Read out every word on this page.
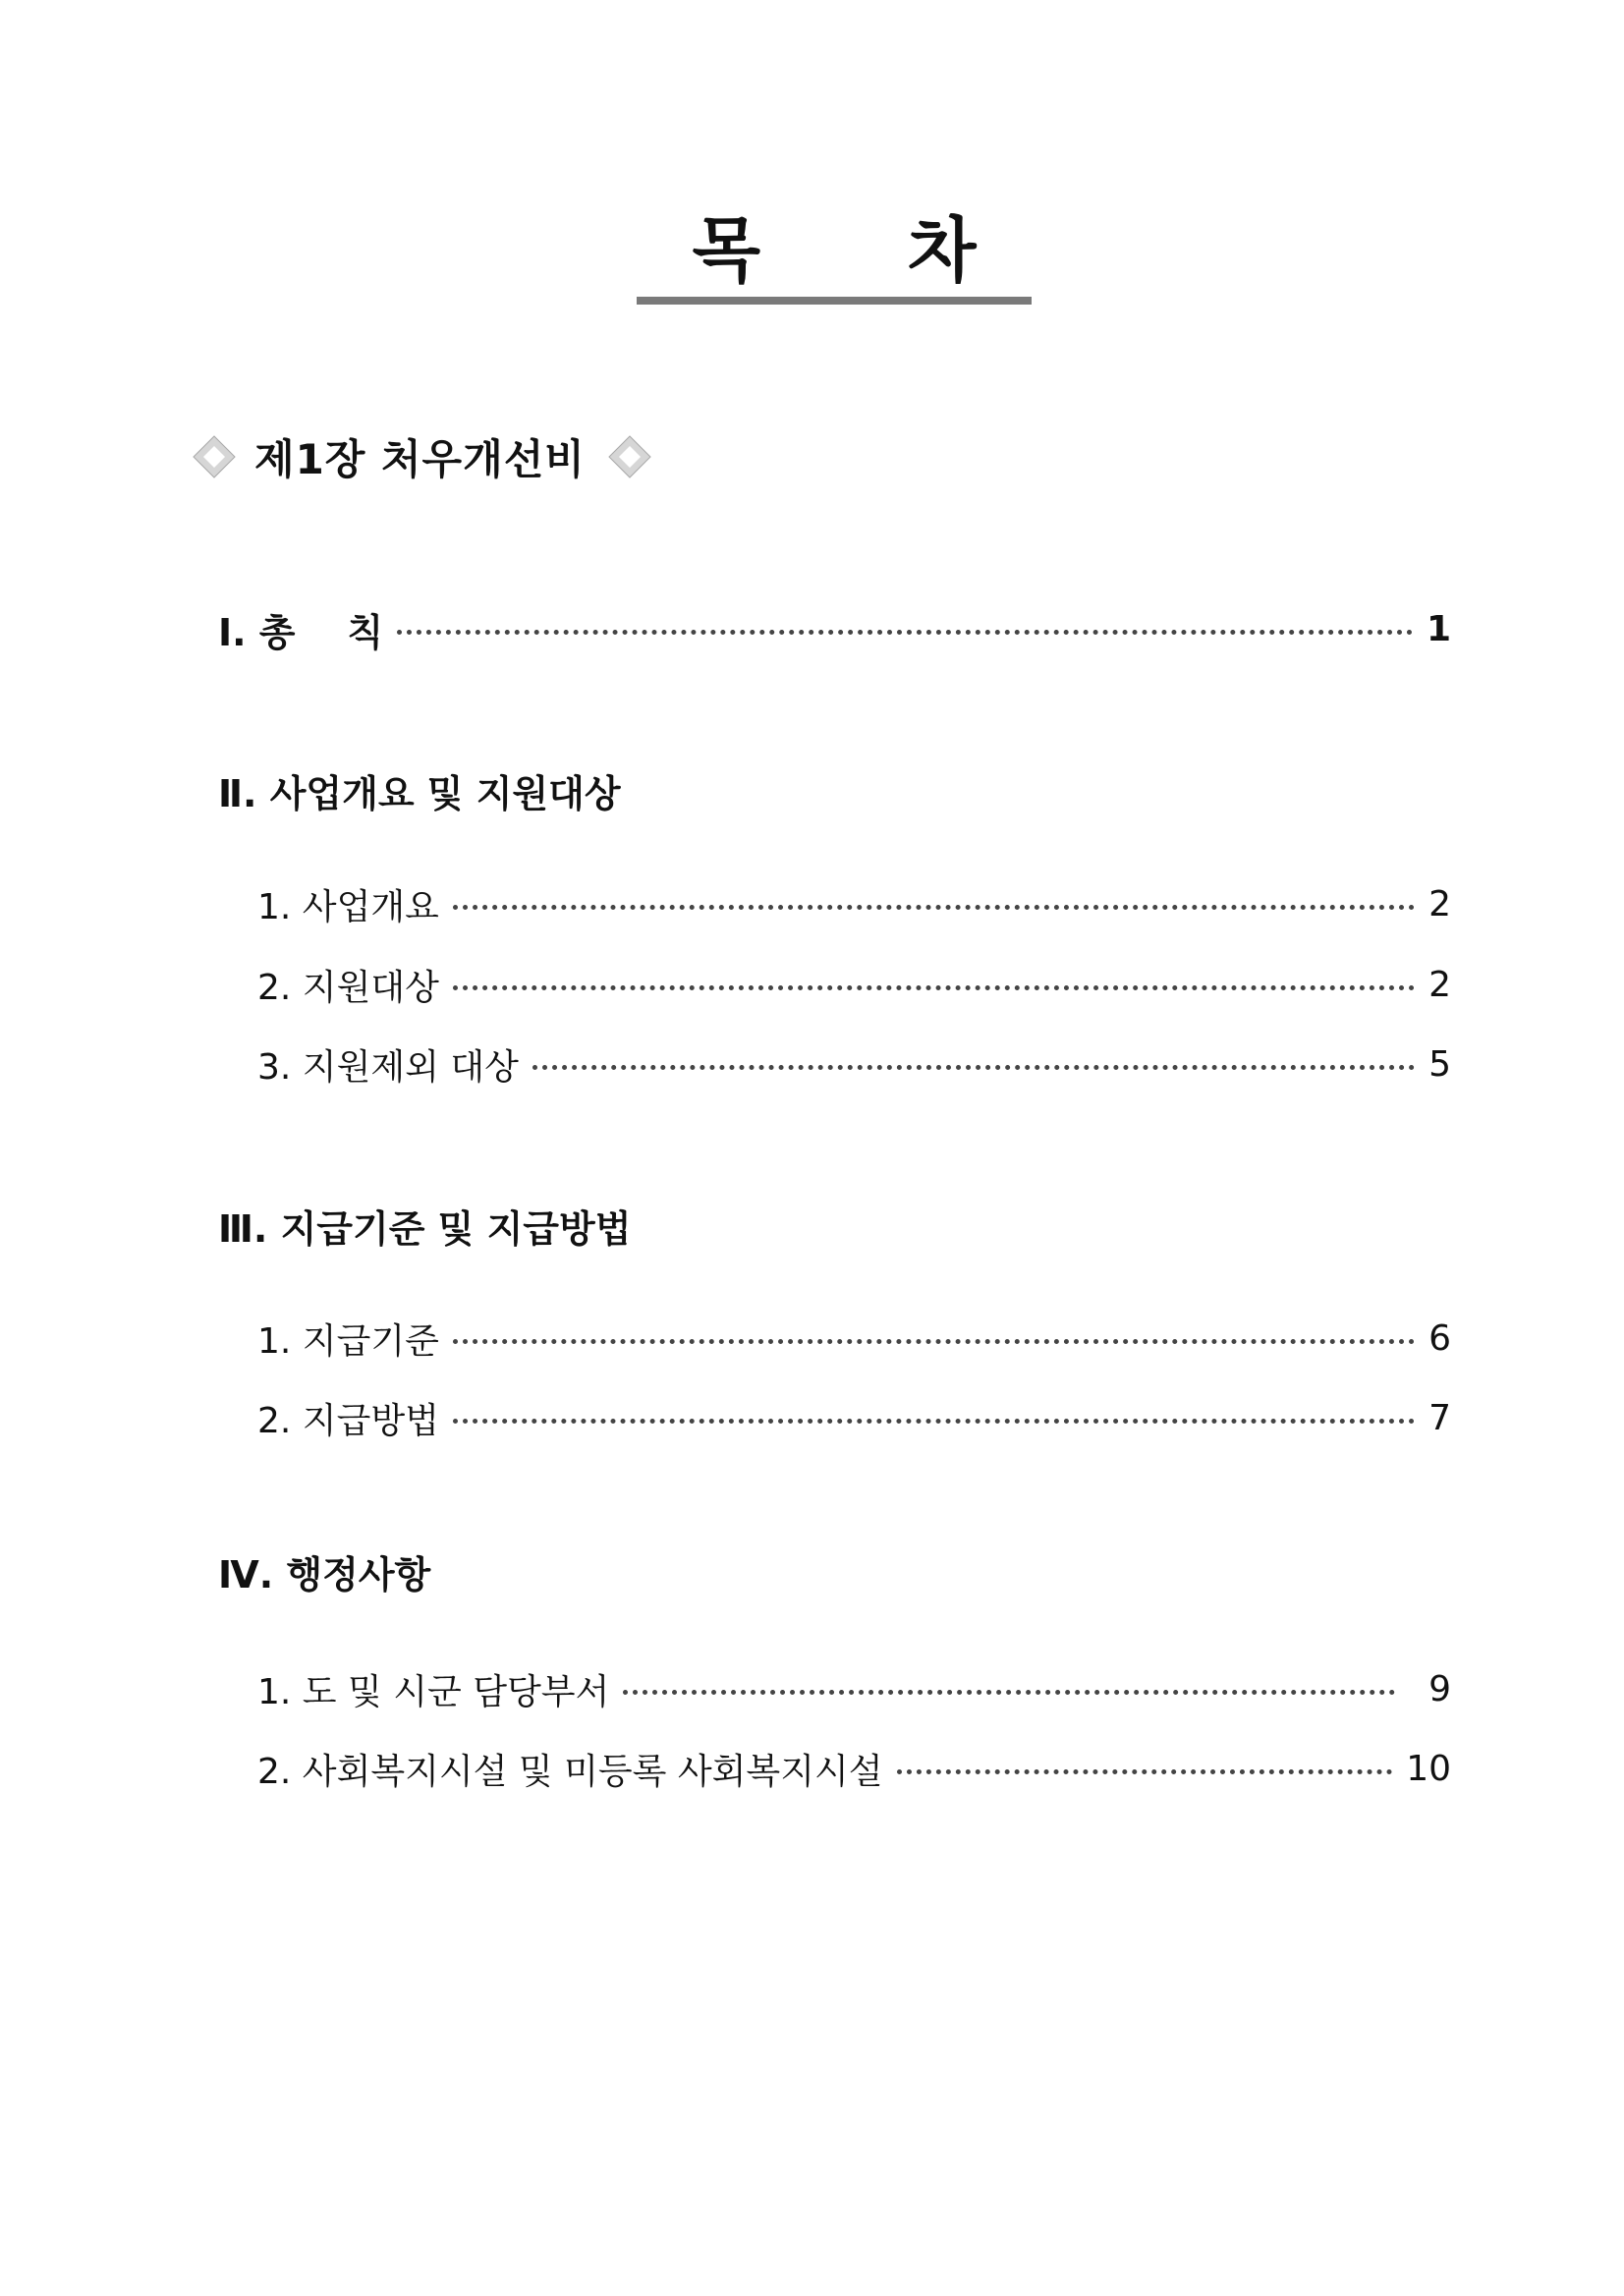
목 차
제1장 처우개선비
Ⅰ. 총    칙	1
Ⅱ. 사업개요 및 지원대상
1. 사업개요	2
2. 지원대상	2
3. 지원제외 대상	5
Ⅲ. 지급기준 및 지급방법
1. 지급기준	6
2. 지급방법	7
Ⅳ. 행정사항
1. 도 및 시군 담당부서	9
2. 사회복지시설 및 미등록 사회복지시설	10
